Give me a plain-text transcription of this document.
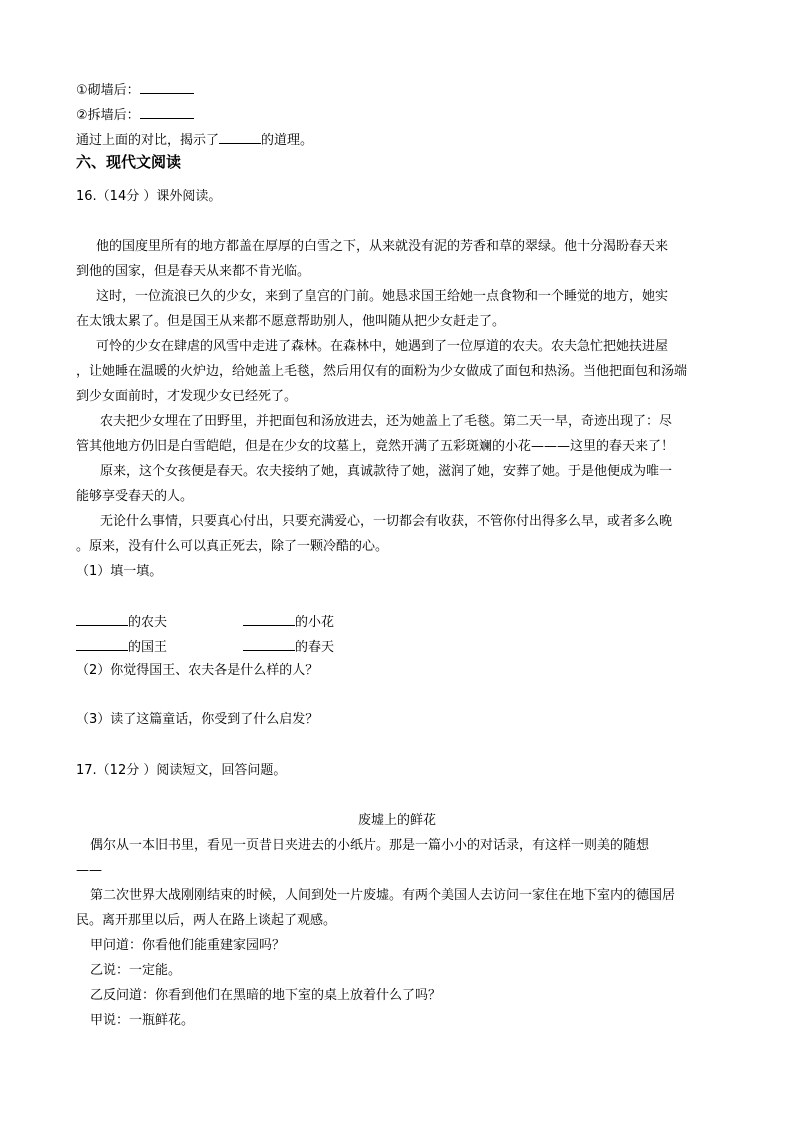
①砌墙后：
②拆墙后：
通过上面的对比，揭示了	的道理。
六、现代文阅读
16.（14分 ）课外阅读。
他的国度里所有的地方都盖在厚厚的白雪之下，从来就没有泥的芳香和草的翠绿。他十分渴盼春天来
到他的国家，但是春天从来都不肯光临。
这时，一位流浪已久的少女，来到了皇宫的门前。她恳求国王给她一点食物和一个睡觉的地方，她实
在太饿太累了。但是国王从来都不愿意帮助别人，他叫随从把少女赶走了。
可怜的少女在肆虐的风雪中走进了森林。在森林中，她遇到了一位厚道的农夫。农夫急忙把她扶进屋
，让她睡在温暖的火炉边，给她盖上毛毯，然后用仅有的面粉为少女做成了面包和热汤。当他把面包和汤端
到少女面前时，才发现少女已经死了。
农夫把少女埋在了田野里，并把面包和汤放进去，还为她盖上了毛毯。第二天一早，奇迹出现了：尽
管其他地方仍旧是白雪皑皑，但是在少女的坟墓上，竟然开满了五彩斑斓的小花———这里的春天来了！
原来，这个女孩便是春天。农夫接纳了她，真诚款待了她，滋润了她，安葬了她。于是他便成为唯一
能够享受春天的人。
无论什么事情，只要真心付出，只要充满爱心，一切都会有收获，不管你付出得多么早，或者多么晚
。原来，没有什么可以真正死去，除了一颗冷酷的心。
（1）填一填。
的农夫	的小花
的国王	的春天
（2）你觉得国王、农夫各是什么样的人？
（3）读了这篇童话，你受到了什么启发？
17.（12分 ）阅读短文，回答问题。
废墟上的鲜花
偶尔从一本旧书里，看见一页昔日夹进去的小纸片。那是一篇小小的对话录，有这样一则美的随想
——
第二次世界大战刚刚结束的时候，人间到处一片废墟。有两个美国人去访问一家住在地下室内的德国居
民。离开那里以后，两人在路上谈起了观感。
甲问道：你看他们能重建家园吗？
乙说：一定能。
乙反问道：你看到他们在黑暗的地下室的桌上放着什么了吗？
甲说：一瓶鲜花。
